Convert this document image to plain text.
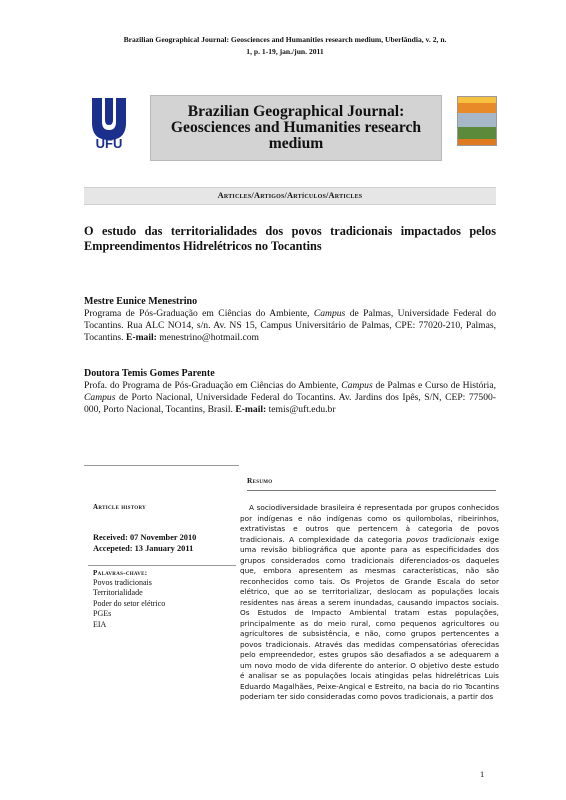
Brazilian Geographical Journal: Geosciences and Humanities research medium, Uberlândia, v. 2, n.
1, p. 1-19, jan./jun. 2011
UFU
Brazilian Geographical Journal: Geosciences and Humanities research medium
Articles/Artigos/Artículos/Articles
O estudo das territorialidades dos povos tradicionais impactados pelos Empreendimentos Hidrelétricos no Tocantins
Mestre Eunice Menestrino
Programa de Pós-Graduação em Ciências do Ambiente, Campus de Palmas, Universidade Federal do Tocantins. Rua ALC NO14, s/n. Av. NS 15, Campus Universitário de Palmas, CPE: 77020-210, Palmas, Tocantins. E-mail: menestrino@hotmail.com
Doutora Temis Gomes Parente
Profa. do Programa de Pós-Graduação em Ciências do Ambiente, Campus de Palmas e Curso de História, Campus de Porto Nacional, Universidade Federal do Tocantins. Av. Jardins dos Ipês, S/N, CEP: 77500-000, Porto Nacional, Tocantins, Brasil. E-mail: temis@uft.edu.br
Resumo
Article history
Received: 07 November 2010
Accepeted: 13 January 2011
Palavras-chave:
Povos tradicionais
Territorialidade
Poder do setor elétrico
PGEs
EIA
A sociodiversidade brasileira é representada por grupos conhecidos por indígenas e não indígenas como os quilombolas, ribeirinhos, extrativistas e outros que pertencem à categoria de povos tradicionais. A complexidade da categoria povos tradicionais exige uma revisão bibliográfica que aponte para as especificidades dos grupos considerados como tradicionais diferenciados-os daqueles que, embora apresentem as mesmas características, não são reconhecidos como tais. Os Projetos de Grande Escala do setor elétrico, que ao se territorializar, deslocam as populações locais residentes nas áreas a serem inundadas, causando impactos sociais. Os Estudos de Impacto Ambiental tratam estas populações, principalmente as do meio rural, como pequenos agricultores ou agricultores de subsistência, e não, como grupos pertencentes a povos tradicionais. Através das medidas compensatórias oferecidas pelo empreendedor, estes grupos são desafiados a se adequarem a um novo modo de vida diferente do anterior. O objetivo deste estudo é analisar se as populações locais atingidas pelas hidrelétricas Luis Eduardo Magalhães, Peixe-Angical e Estreito, na bacia do rio Tocantins poderiam ter sido consideradas como povos tradicionais, a partir dos
1
